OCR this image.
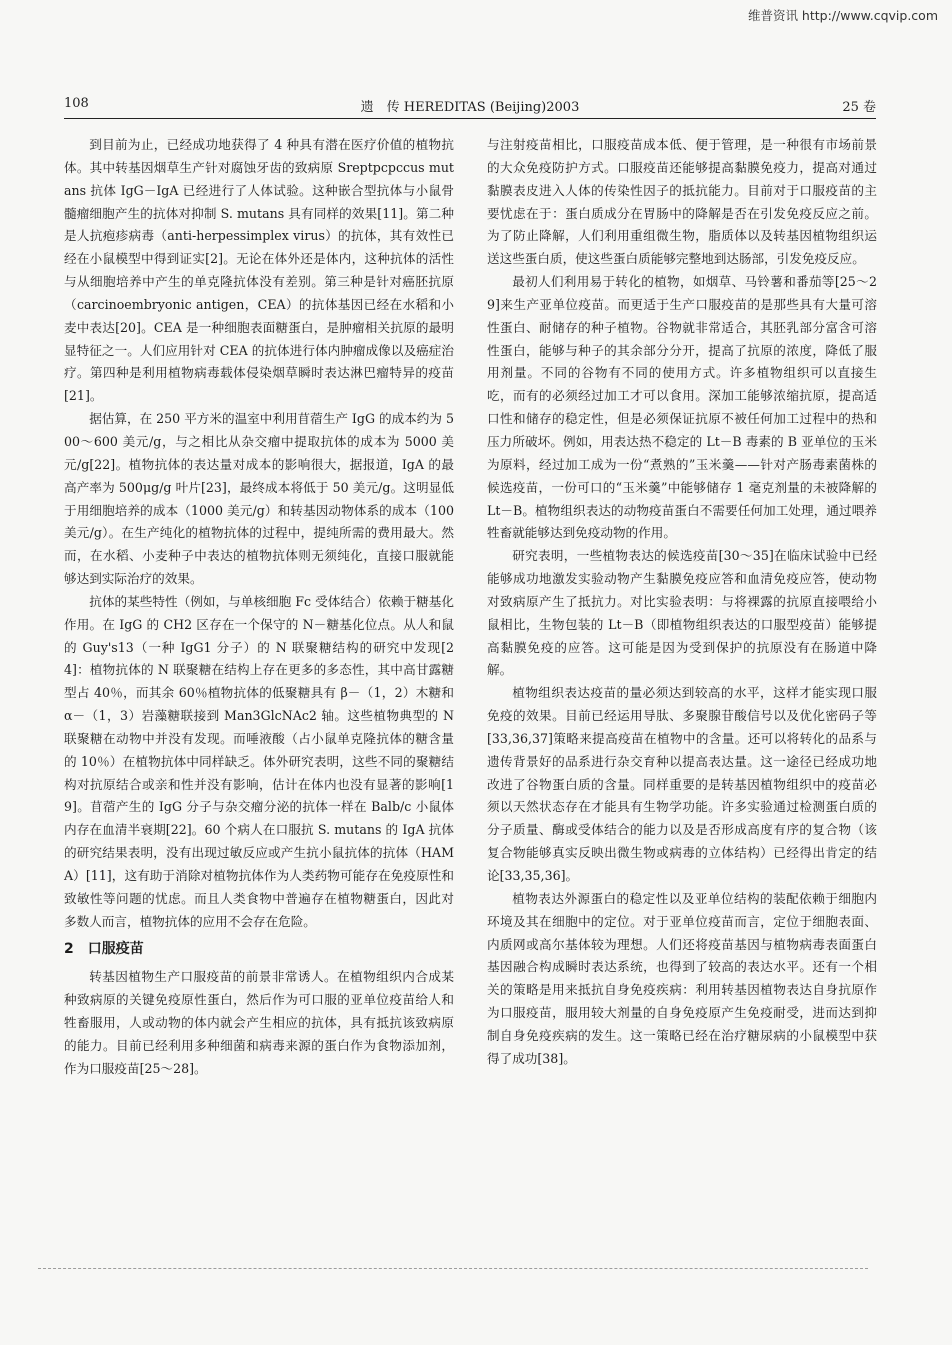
维普资讯 http://www.cqvip.com
108	遗　传 HEREDITAS (Beijing)2003	25 卷

到目前为止，已经成功地获得了 4 种具有潜在医疗价值的植物抗体。其中转基因烟草生产针对腐蚀牙齿的致病原 Sreptpcpccus mutans 抗体 IgG－IgA 已经进行了人体试验。这种嵌合型抗体与小鼠骨髓瘤细胞产生的抗体对抑制 S. mutans 具有同样的效果[11]。第二种是人抗疱疹病毒（anti-herpessimplex virus）的抗体，其有效性已经在小鼠模型中得到证实[2]。无论在体外还是体内，这种抗体的活性与从细胞培养中产生的单克隆抗体没有差别。第三种是针对癌胚抗原（carcinoembryonic antigen，CEA）的抗体基因已经在水稻和小麦中表达[20]。CEA 是一种细胞表面糖蛋白，是肿瘤相关抗原的最明显特征之一。人们应用针对 CEA 的抗体进行体内肿瘤成像以及癌症治疗。第四种是利用植物病毒载体侵染烟草瞬时表达淋巴瘤特异的疫苗[21]。

据估算，在 250 平方米的温室中利用苜蓿生产 IgG 的成本约为 500～600 美元/g，与之相比从杂交瘤中提取抗体的成本为 5000 美元/g[22]。植物抗体的表达量对成本的影响很大，据报道，IgA 的最高产率为 500μg/g 叶片[23]，最终成本将低于 50 美元/g。这明显低于用细胞培养的成本（1000 美元/g）和转基因动物体系的成本（100 美元/g）。在生产纯化的植物抗体的过程中，提纯所需的费用最大。然而，在水稻、小麦种子中表达的植物抗体则无须纯化，直接口服就能够达到实际治疗的效果。

抗体的某些特性（例如，与单核细胞 Fc 受体结合）依赖于糖基化作用。在 IgG 的 CH2 区存在一个保守的 N－糖基化位点。从人和鼠的 Guy's13（一种 IgG1 分子）的 N 联聚糖结构的研究中发现[24]：植物抗体的 N 联聚糖在结构上存在更多的多态性，其中高甘露糖型占 40％，而其余 60％植物抗体的低聚糖具有 β－（1，2）木糖和 α－（1，3）岩藻糖联接到 Man3GlcNAc2 轴。这些植物典型的 N 联聚糖在动物中并没有发现。而唾液酸（占小鼠单克隆抗体的糖含量的 10％）在植物抗体中同样缺乏。体外研究表明，这些不同的聚糖结构对抗原结合或亲和性并没有影响，估计在体内也没有显著的影响[19]。苜蓿产生的 IgG 分子与杂交瘤分泌的抗体一样在 Balb/c 小鼠体内存在血清半衰期[22]。60 个病人在口服抗 S. mutans 的 IgA 抗体的研究结果表明，没有出现过敏反应或产生抗小鼠抗体的抗体（HAMA）[11]，这有助于消除对植物抗体作为人类药物可能存在免疫原性和致敏性等问题的忧虑。而且人类食物中普遍存在植物糖蛋白，因此对多数人而言，植物抗体的应用不会存在危险。

2　口服疫苗

转基因植物生产口服疫苗的前景非常诱人。在植物组织内合成某种致病原的关键免疫原性蛋白，然后作为可口服的亚单位疫苗给人和牲畜服用，人或动物的体内就会产生相应的抗体，具有抵抗该致病原的能力。目前已经利用多种细菌和病毒来源的蛋白作为食物添加剂，作为口服疫苗[25～28]。

与注射疫苗相比，口服疫苗成本低、便于管理，是一种很有市场前景的大众免疫防护方式。口服疫苗还能够提高黏膜免疫力，提高对通过黏膜表皮进入人体的传染性因子的抵抗能力。目前对于口服疫苗的主要忧虑在于：蛋白质成分在胃肠中的降解是否在引发免疫反应之前。为了防止降解，人们利用重组微生物，脂质体以及转基因植物组织运送这些蛋白质，使这些蛋白质能够完整地到达肠部，引发免疫反应。

最初人们利用易于转化的植物，如烟草、马铃薯和番茄等[25～29]来生产亚单位疫苗。而更适于生产口服疫苗的是那些具有大量可溶性蛋白、耐储存的种子植物。谷物就非常适合，其胚乳部分富含可溶性蛋白，能够与种子的其余部分分开，提高了抗原的浓度，降低了服用剂量。不同的谷物有不同的使用方式。许多植物组织可以直接生吃，而有的必须经过加工才可以食用。深加工能够浓缩抗原，提高适口性和储存的稳定性，但是必须保证抗原不被任何加工过程中的热和压力所破坏。例如，用表达热不稳定的 Lt－B 毒素的 B 亚单位的玉米为原料，经过加工成为一份“煮熟的”玉米羹——针对产肠毒素菌株的候选疫苗，一份可口的“玉米羹”中能够储存 1 毫克剂量的未被降解的 Lt－B。植物组织表达的动物疫苗蛋白不需要任何加工处理，通过喂养牲畜就能够达到免疫动物的作用。

研究表明，一些植物表达的候选疫苗[30～35]在临床试验中已经能够成功地激发实验动物产生黏膜免疫应答和血清免疫应答，使动物对致病原产生了抵抗力。对比实验表明：与将裸露的抗原直接喂给小鼠相比，生物包装的 Lt－B（即植物组织表达的口服型疫苗）能够提高黏膜免疫的应答。这可能是因为受到保护的抗原没有在肠道中降解。

植物组织表达疫苗的量必须达到较高的水平，这样才能实现口服免疫的效果。目前已经运用导肽、多聚腺苷酸信号以及优化密码子等[33,36,37]策略来提高疫苗在植物中的含量。还可以将转化的品系与遗传背景好的品系进行杂交育种以提高表达量。这一途径已经成功地改进了谷物蛋白质的含量。同样重要的是转基因植物组织中的疫苗必须以天然状态存在才能具有生物学功能。许多实验通过检测蛋白质的分子质量、酶或受体结合的能力以及是否形成高度有序的复合物（该复合物能够真实反映出微生物或病毒的立体结构）已经得出肯定的结论[33,35,36]。

植物表达外源蛋白的稳定性以及亚单位结构的装配依赖于细胞内环境及其在细胞中的定位。对于亚单位疫苗而言，定位于细胞表面、内质网或高尔基体较为理想。人们还将疫苗基因与植物病毒表面蛋白基因融合构成瞬时表达系统，也得到了较高的表达水平。还有一个相关的策略是用来抵抗自身免疫疾病：利用转基因植物表达自身抗原作为口服疫苗，服用较大剂量的自身免疫原产生免疫耐受，进而达到抑制自身免疫疾病的发生。这一策略已经在治疗糖尿病的小鼠模型中获得了成功[38]。
